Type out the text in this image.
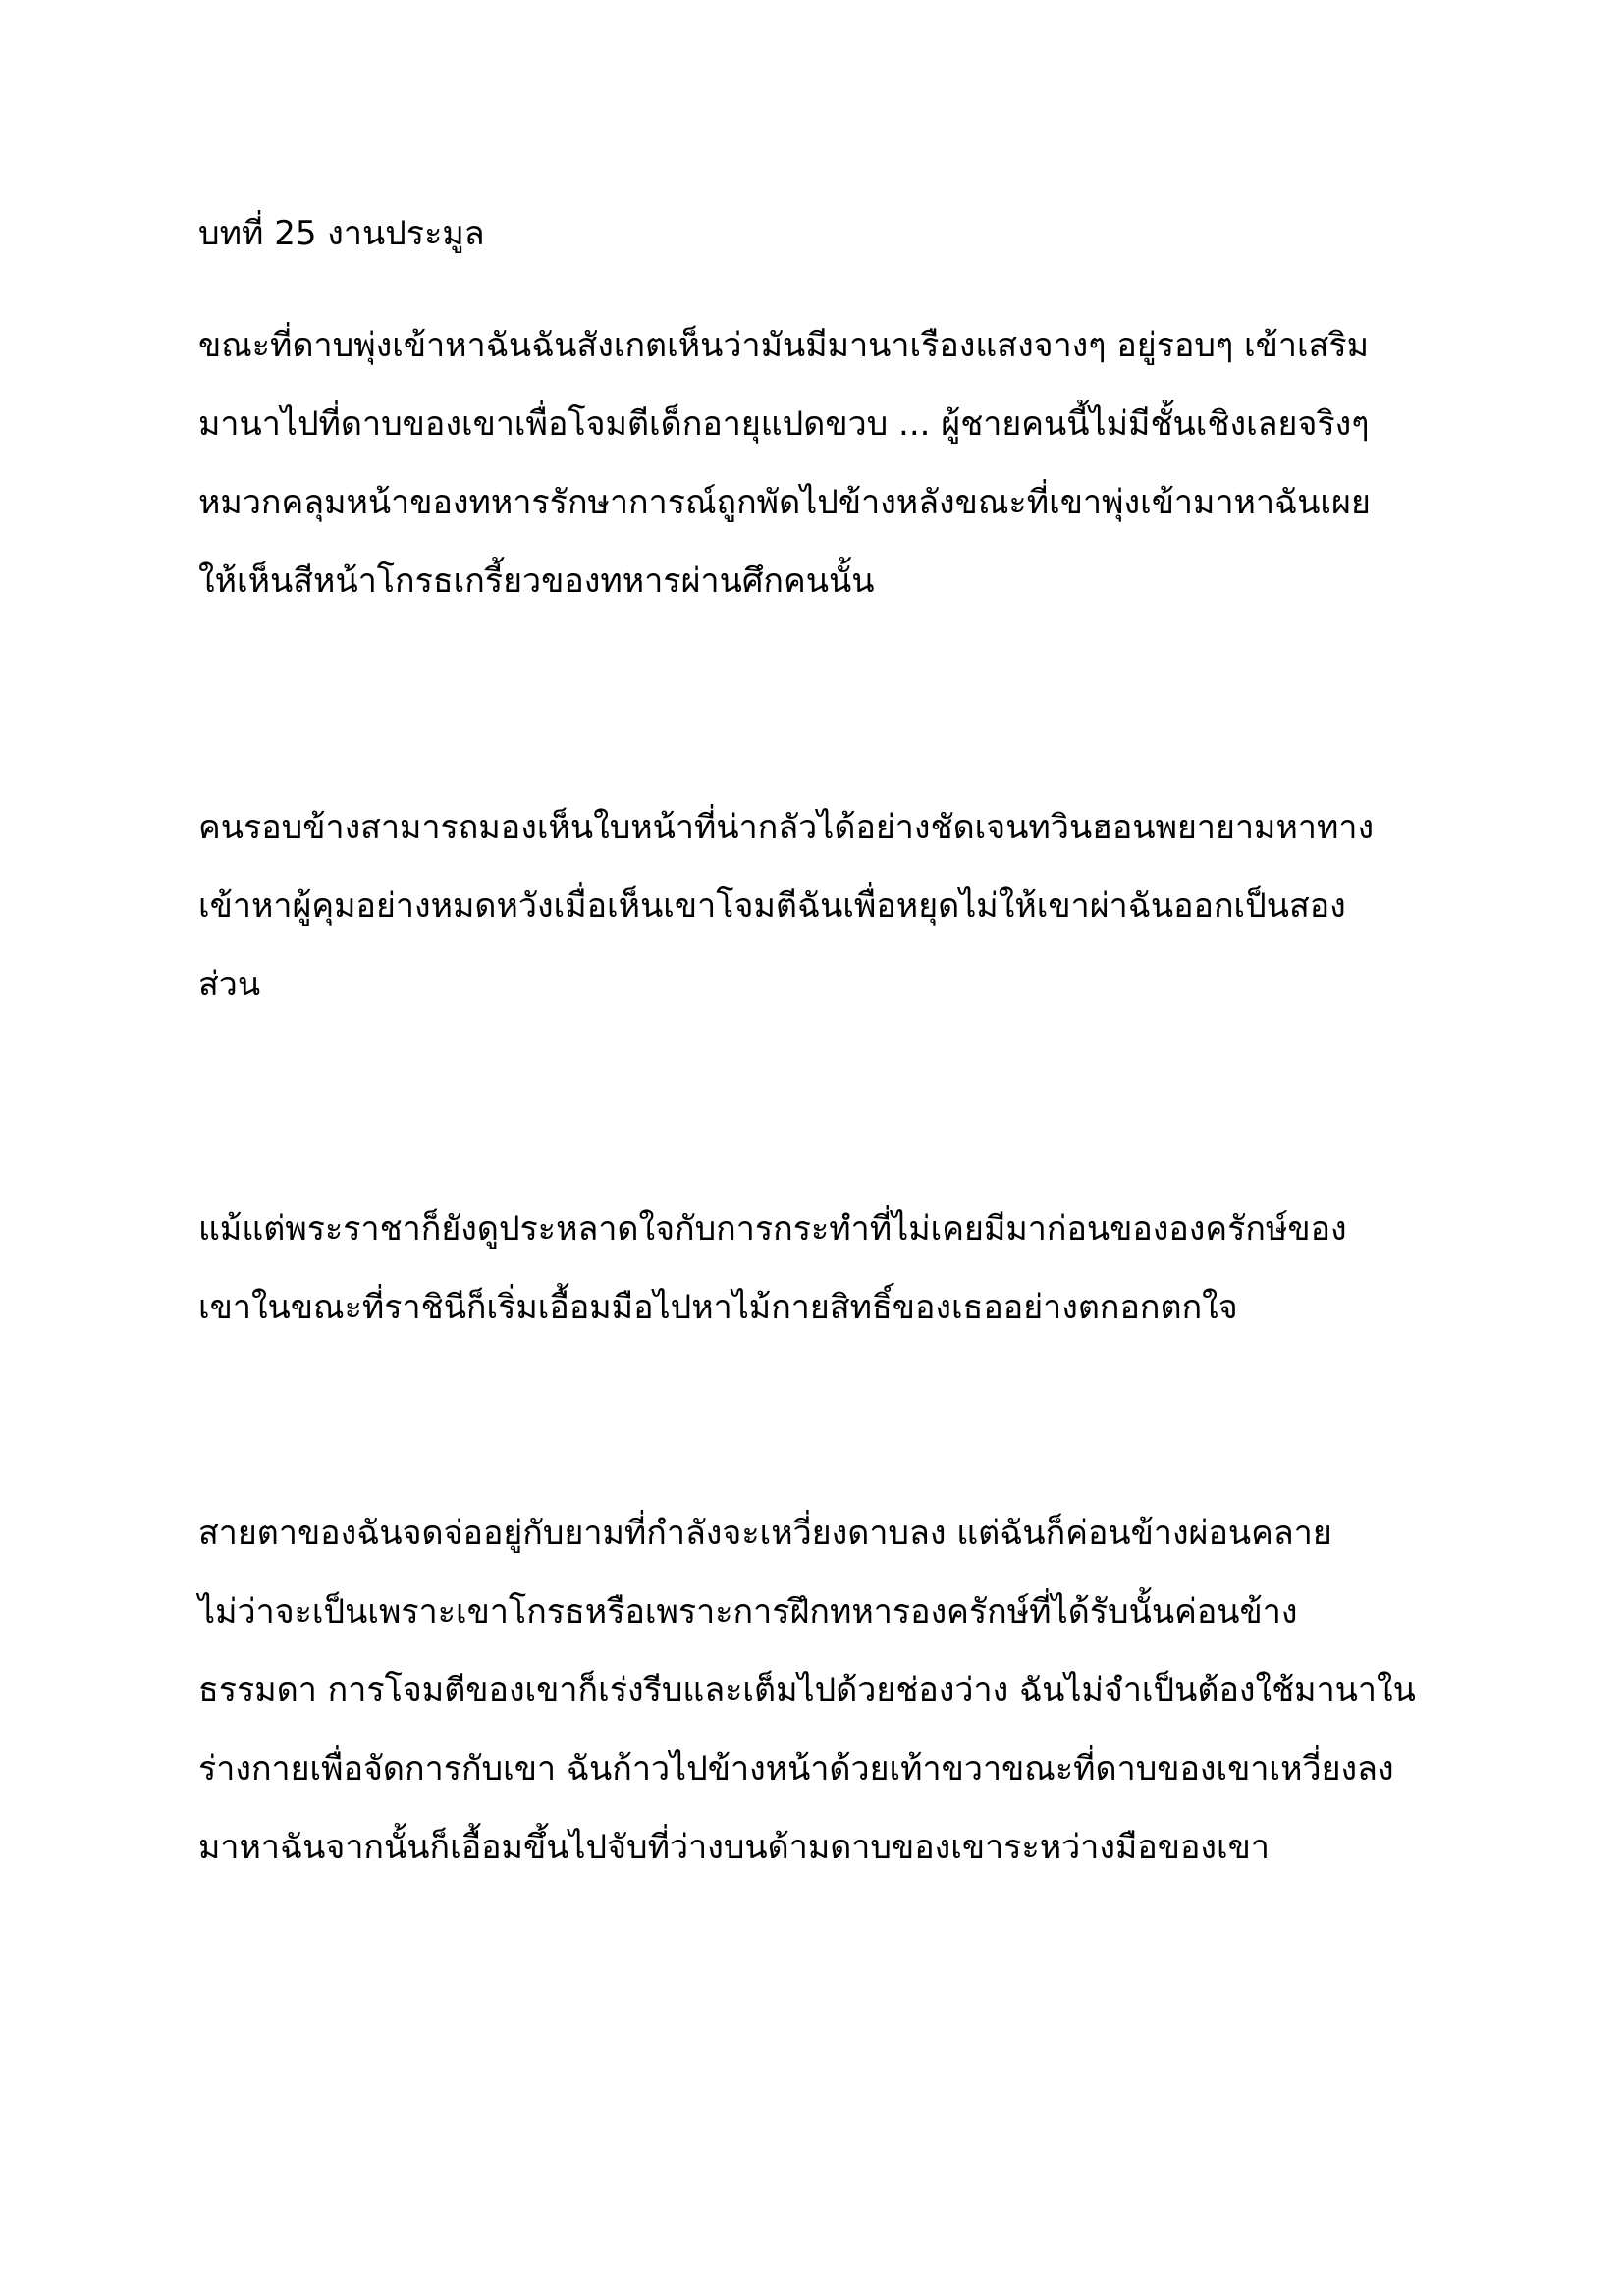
บทที่ 25 งานประมูล

ขณะที่ดาบพุ่งเข้าหาฉันฉันสังเกตเห็นว่ามันมีมานาเรืองแสงจางๆ อยู่รอบๆ เข้าเสริม
มานาไปที่ดาบของเขาเพื่อโจมตีเด็กอายุแปดขวบ ... ผู้ชายคนนี้ไม่มีชั้นเชิงเลยจริงๆ
หมวกคลุมหน้าของทหารรักษาการณ์ถูกพัดไปข้างหลังขณะที่เขาพุ่งเข้ามาหาฉันเผย
ให้เห็นสีหน้าโกรธเกรี้ยวของทหารผ่านศึกคนนั้น

คนรอบข้างสามารถมองเห็นใบหน้าที่น่ากลัวได้อย่างชัดเจนทวินฮอนพยายามหาทาง
เข้าหาผู้คุมอย่างหมดหวังเมื่อเห็นเขาโจมตีฉันเพื่อหยุดไม่ให้เขาผ่าฉันออกเป็นสอง
ส่วน

แม้แต่พระราชาก็ยังดูประหลาดใจกับการกระทำที่ไม่เคยมีมาก่อนขององครักษ์ของ
เขาในขณะที่ราชินีก็เริ่มเอื้อมมือไปหาไม้กายสิทธิ์ของเธออย่างตกอกตกใจ

สายตาของฉันจดจ่ออยู่กับยามที่กำลังจะเหวี่ยงดาบลง แต่ฉันก็ค่อนข้างผ่อนคลาย
ไม่ว่าจะเป็นเพราะเขาโกรธหรือเพราะการฝึกทหารองครักษ์ที่ได้รับนั้นค่อนข้าง
ธรรมดา การโจมตีของเขาก็เร่งรีบและเต็มไปด้วยช่องว่าง ฉันไม่จำเป็นต้องใช้มานาใน
ร่างกายเพื่อจัดการกับเขา ฉันก้าวไปข้างหน้าด้วยเท้าขวาขณะที่ดาบของเขาเหวี่ยงลง
มาหาฉันจากนั้นก็เอื้อมขึ้นไปจับที่ว่างบนด้ามดาบของเขาระหว่างมือของเขา
